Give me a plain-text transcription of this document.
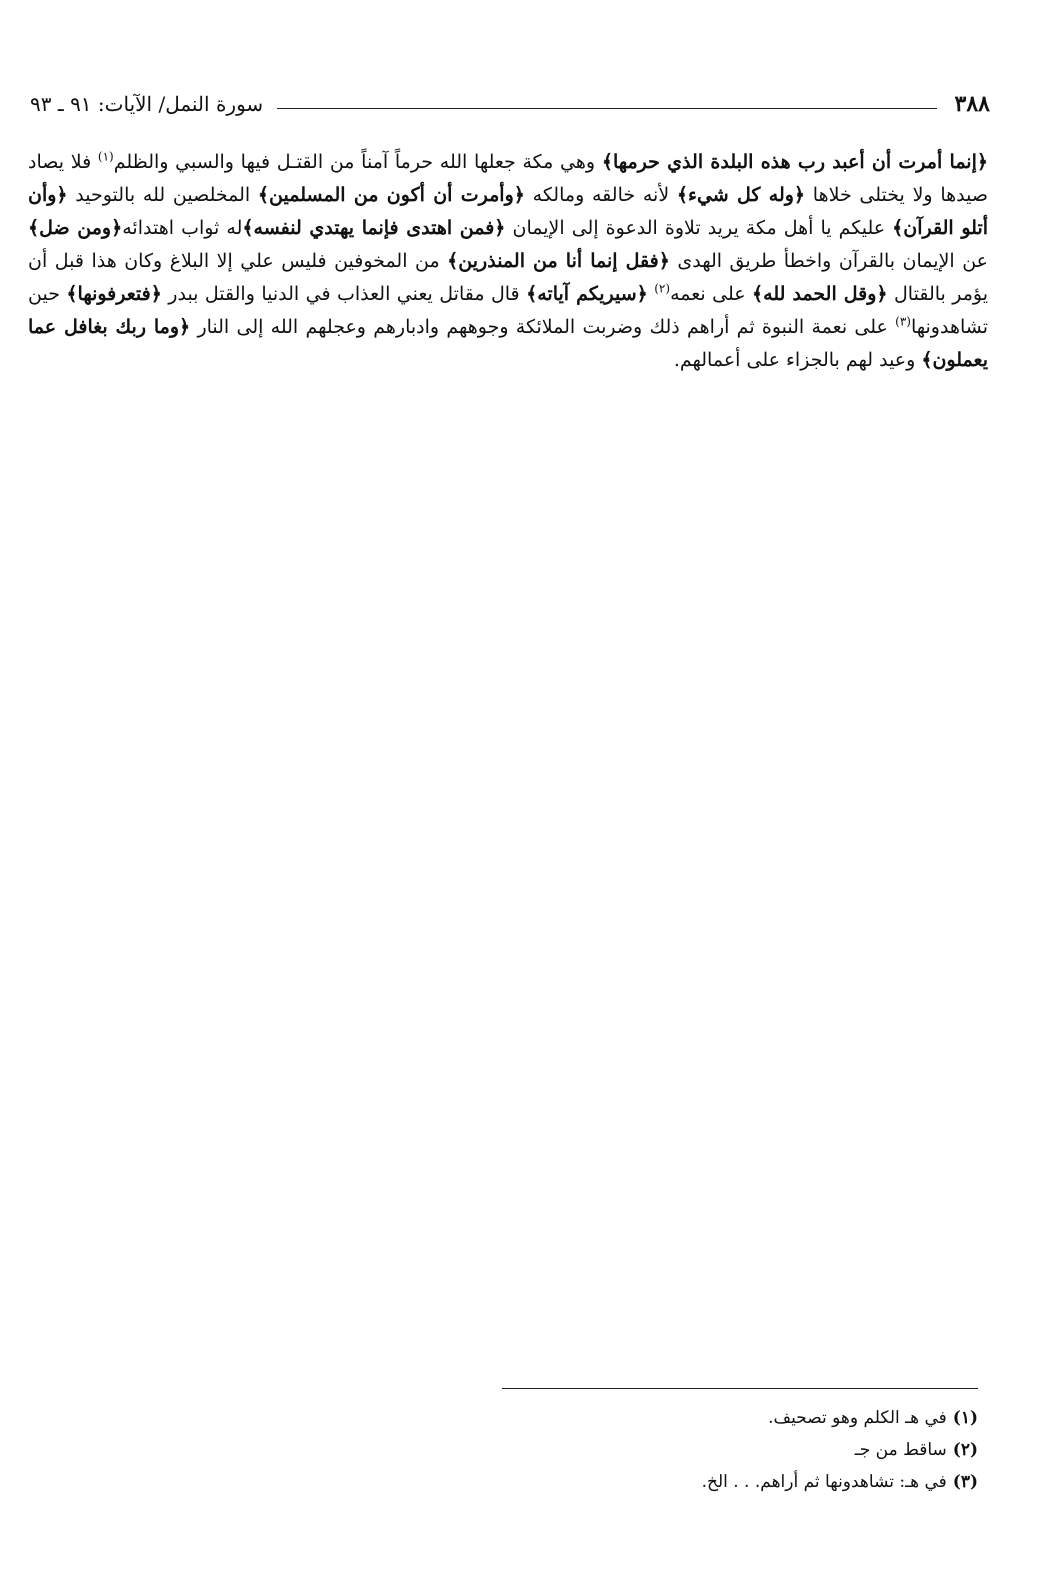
٣٨٨
سورة النمل/ الآيات: ٩١ ـ ٩٣
﴿إنما أمرت أن أعبد رب هذه البلدة الذي حرمها﴾ وهي مكة جعلها الله حرماً آمناً من القتـل فيها والسبي والظلم$^{(١)}$ فلا يصاد صيدها ولا يختلى خلاها ﴿وله كل شيء﴾ لأنه خالقه ومالكه ﴿وأمرت أن أكون من المسلمين﴾ المخلصين لله بالتوحيد ﴿وأن أتلو القرآن﴾ عليكم يا أهل مكة يريد تلاوة الدعوة إلى الإيمان ﴿فمن اهتدى فإنما يهتدي لنفسه﴾له ثواب اهتدائه﴿ومن ضل﴾ عن الإيمان بالقرآن واخطأ طريق الهدى ﴿فقل إنما أنا من المنذرين﴾ من المخوفين فليس علي إلا البلاغ وكان هذا قبل أن يؤمر بالقتال ﴿وقل الحمد لله﴾ على نعمه$^{(٢)}$ ﴿سيريكم آياته﴾ قال مقاتل يعني العذاب في الدنيا والقتل ببدر ﴿فتعرفونها﴾ حين تشاهدونها$^{(٣)}$ على نعمة النبوة ثم أراهم ذلك وضربت الملائكة وجوههم وادبارهم وعجلهم الله إلى النار ﴿وما ربك بغافل عما يعملون﴾ وعيد لهم بالجزاء على أعمالهم.
(١)في هـ الكلم وهو تصحيف.
(٢)ساقط من جـ
(٣)في هـ: تشاهدونها ثم أراهم. . . الخ.
